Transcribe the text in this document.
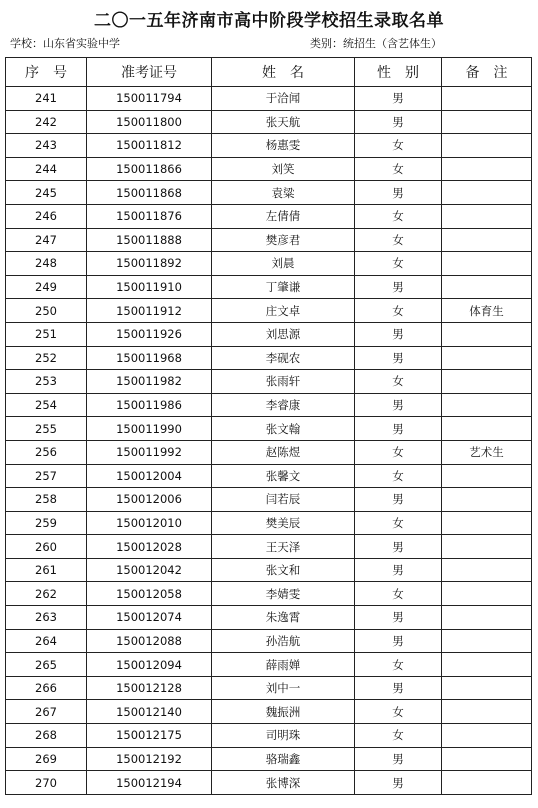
二〇一五年济南市高中阶段学校招生录取名单
学校：山东省实验中学	类别：统招生（含艺体生）
序　号	准考证号	姓　名	性　别	备　注
241	150011794	于洽闻	男	
242	150011800	张天航	男	
243	150011812	杨惠雯	女	
244	150011866	刘笑	女	
245	150011868	袁粱	男	
246	150011876	左倩倩	女	
247	150011888	樊彦君	女	
248	150011892	刘晨	女	
249	150011910	丁肇谦	男	
250	150011912	庄文卓	女	体育生
251	150011926	刘思源	男	
252	150011968	李砚农	男	
253	150011982	张雨轩	女	
254	150011986	李睿康	男	
255	150011990	张文翰	男	
256	150011992	赵陈煜	女	艺术生
257	150012004	张馨文	女	
258	150012006	闫若辰	男	
259	150012010	樊美辰	女	
260	150012028	王天泽	男	
261	150012042	张文和	男	
262	150012058	李婧雯	女	
263	150012074	朱逸霄	男	
264	150012088	孙浩航	男	
265	150012094	薛雨婵	女	
266	150012128	刘中一	男	
267	150012140	魏振洲	女	
268	150012175	司明珠	女	
269	150012192	骆瑞鑫	男	
270	150012194	张博深	男	
